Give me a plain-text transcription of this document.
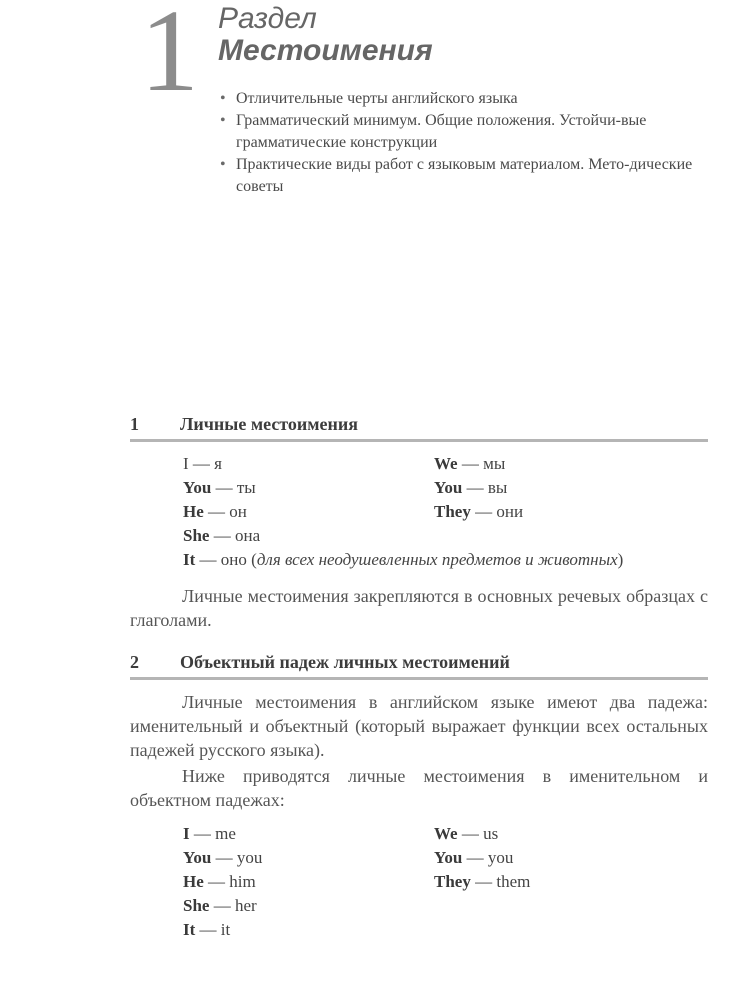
1 Раздел
Местоимения
• Отличительные черты английского языка
• Грамматический минимум. Общие положения. Устойчи-вые грамматические конструкции
• Практические виды работ с языковым материалом. Мето-дические советы
1 Личные местоимения
I — я
You — ты
He — он
She — она
It — оно (для всех неодушевленных предметов и животных)
We — мы
You — вы
They — они

Личные местоимения закрепляются в основных речевых образцах с глаголами.

2 Объектный падеж личных местоимений

Личные местоимения в английском языке имеют два падежа: именительный и объектный (который выражает функции всех остальных падежей русского языка).

Ниже приводятся личные местоимения в именительном и объектном падежах:

I — me
You — you
He — him
She — her
It — it
We — us
You — you
They — them
